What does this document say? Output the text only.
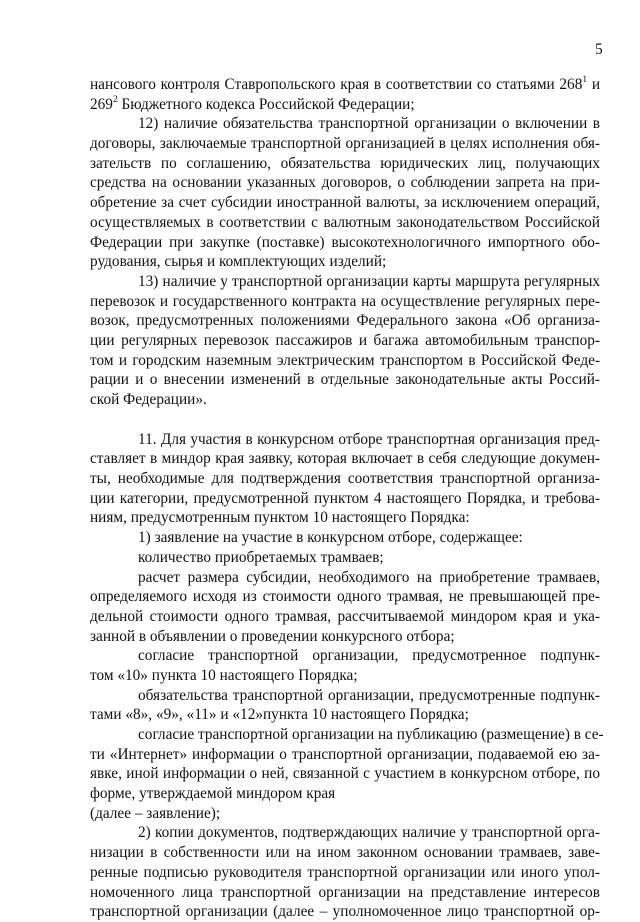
5
нансового контроля Ставропольского края в соответствии со статьями $268^1$ и
$269^2$ Бюджетного кодекса Российской Федерации;
12) наличие обязательства транспортной организации о включении в
договоры, заключаемые транспортной организацией в целях исполнения обя-
зательств по соглашению, обязательства юридических лиц, получающих
средства на основании указанных договоров, о соблюдении запрета на при-
обретение за счет субсидии иностранной валюты, за исключением операций,
осуществляемых в соответствии с валютным законодательством Российской
Федерации при закупке (поставке) высокотехнологичного импортного обо-
рудования, сырья и комплектующих изделий;
13) наличие у транспортной организации карты маршрута регулярных
перевозок и государственного контракта на осуществление регулярных пере-
возок, предусмотренных положениями Федерального закона «Об организа-
ции регулярных перевозок пассажиров и багажа автомобильным транспор-
том и городским наземным электрическим транспортом в Российской Феде-
рации и о внесении изменений в отдельные законодательные акты Россий-
ской Федерации».
11. Для участия в конкурсном отборе транспортная организация пред-
ставляет в миндор края заявку, которая включает в себя следующие докумен-
ты, необходимые для подтверждения соответствия транспортной организа-
ции категории, предусмотренной пунктом 4 настоящего Порядка, и требова-
ниям, предусмотренным пунктом 10 настоящего Порядка:
1) заявление на участие в конкурсном отборе, содержащее:
количество приобретаемых трамваев;
расчет размера субсидии, необходимого на приобретение трамваев,
определяемого исходя из стоимости одного трамвая, не превышающей пре-
дельной стоимости одного трамвая, рассчитываемой миндором края и ука-
занной в объявлении о проведении конкурсного отбора;
согласие транспортной организации, предусмотренное подпунк-
том «10» пункта 10 настоящего Порядка;
обязательства транспортной организации, предусмотренные подпунк-
тами «8», «9», «11» и «12»пункта 10 настоящего Порядка;
согласие транспортной организации на публикацию (размещение) в се-
ти «Интернет» информации о транспортной организации, подаваемой ею за-
явке, иной информации о ней, связанной с участием в конкурсном отборе, по
форме, утверждаемой миндором края
(далее – заявление);
2) копии документов, подтверждающих наличие у транспортной орга-
низации в собственности или на ином законном основании трамваев, заве-
ренные подписью руководителя транспортной организации или иного упол-
номоченного лица транспортной организации на представление интересов
транспортной организации (далее – уполномоченное лицо транспортной ор-
